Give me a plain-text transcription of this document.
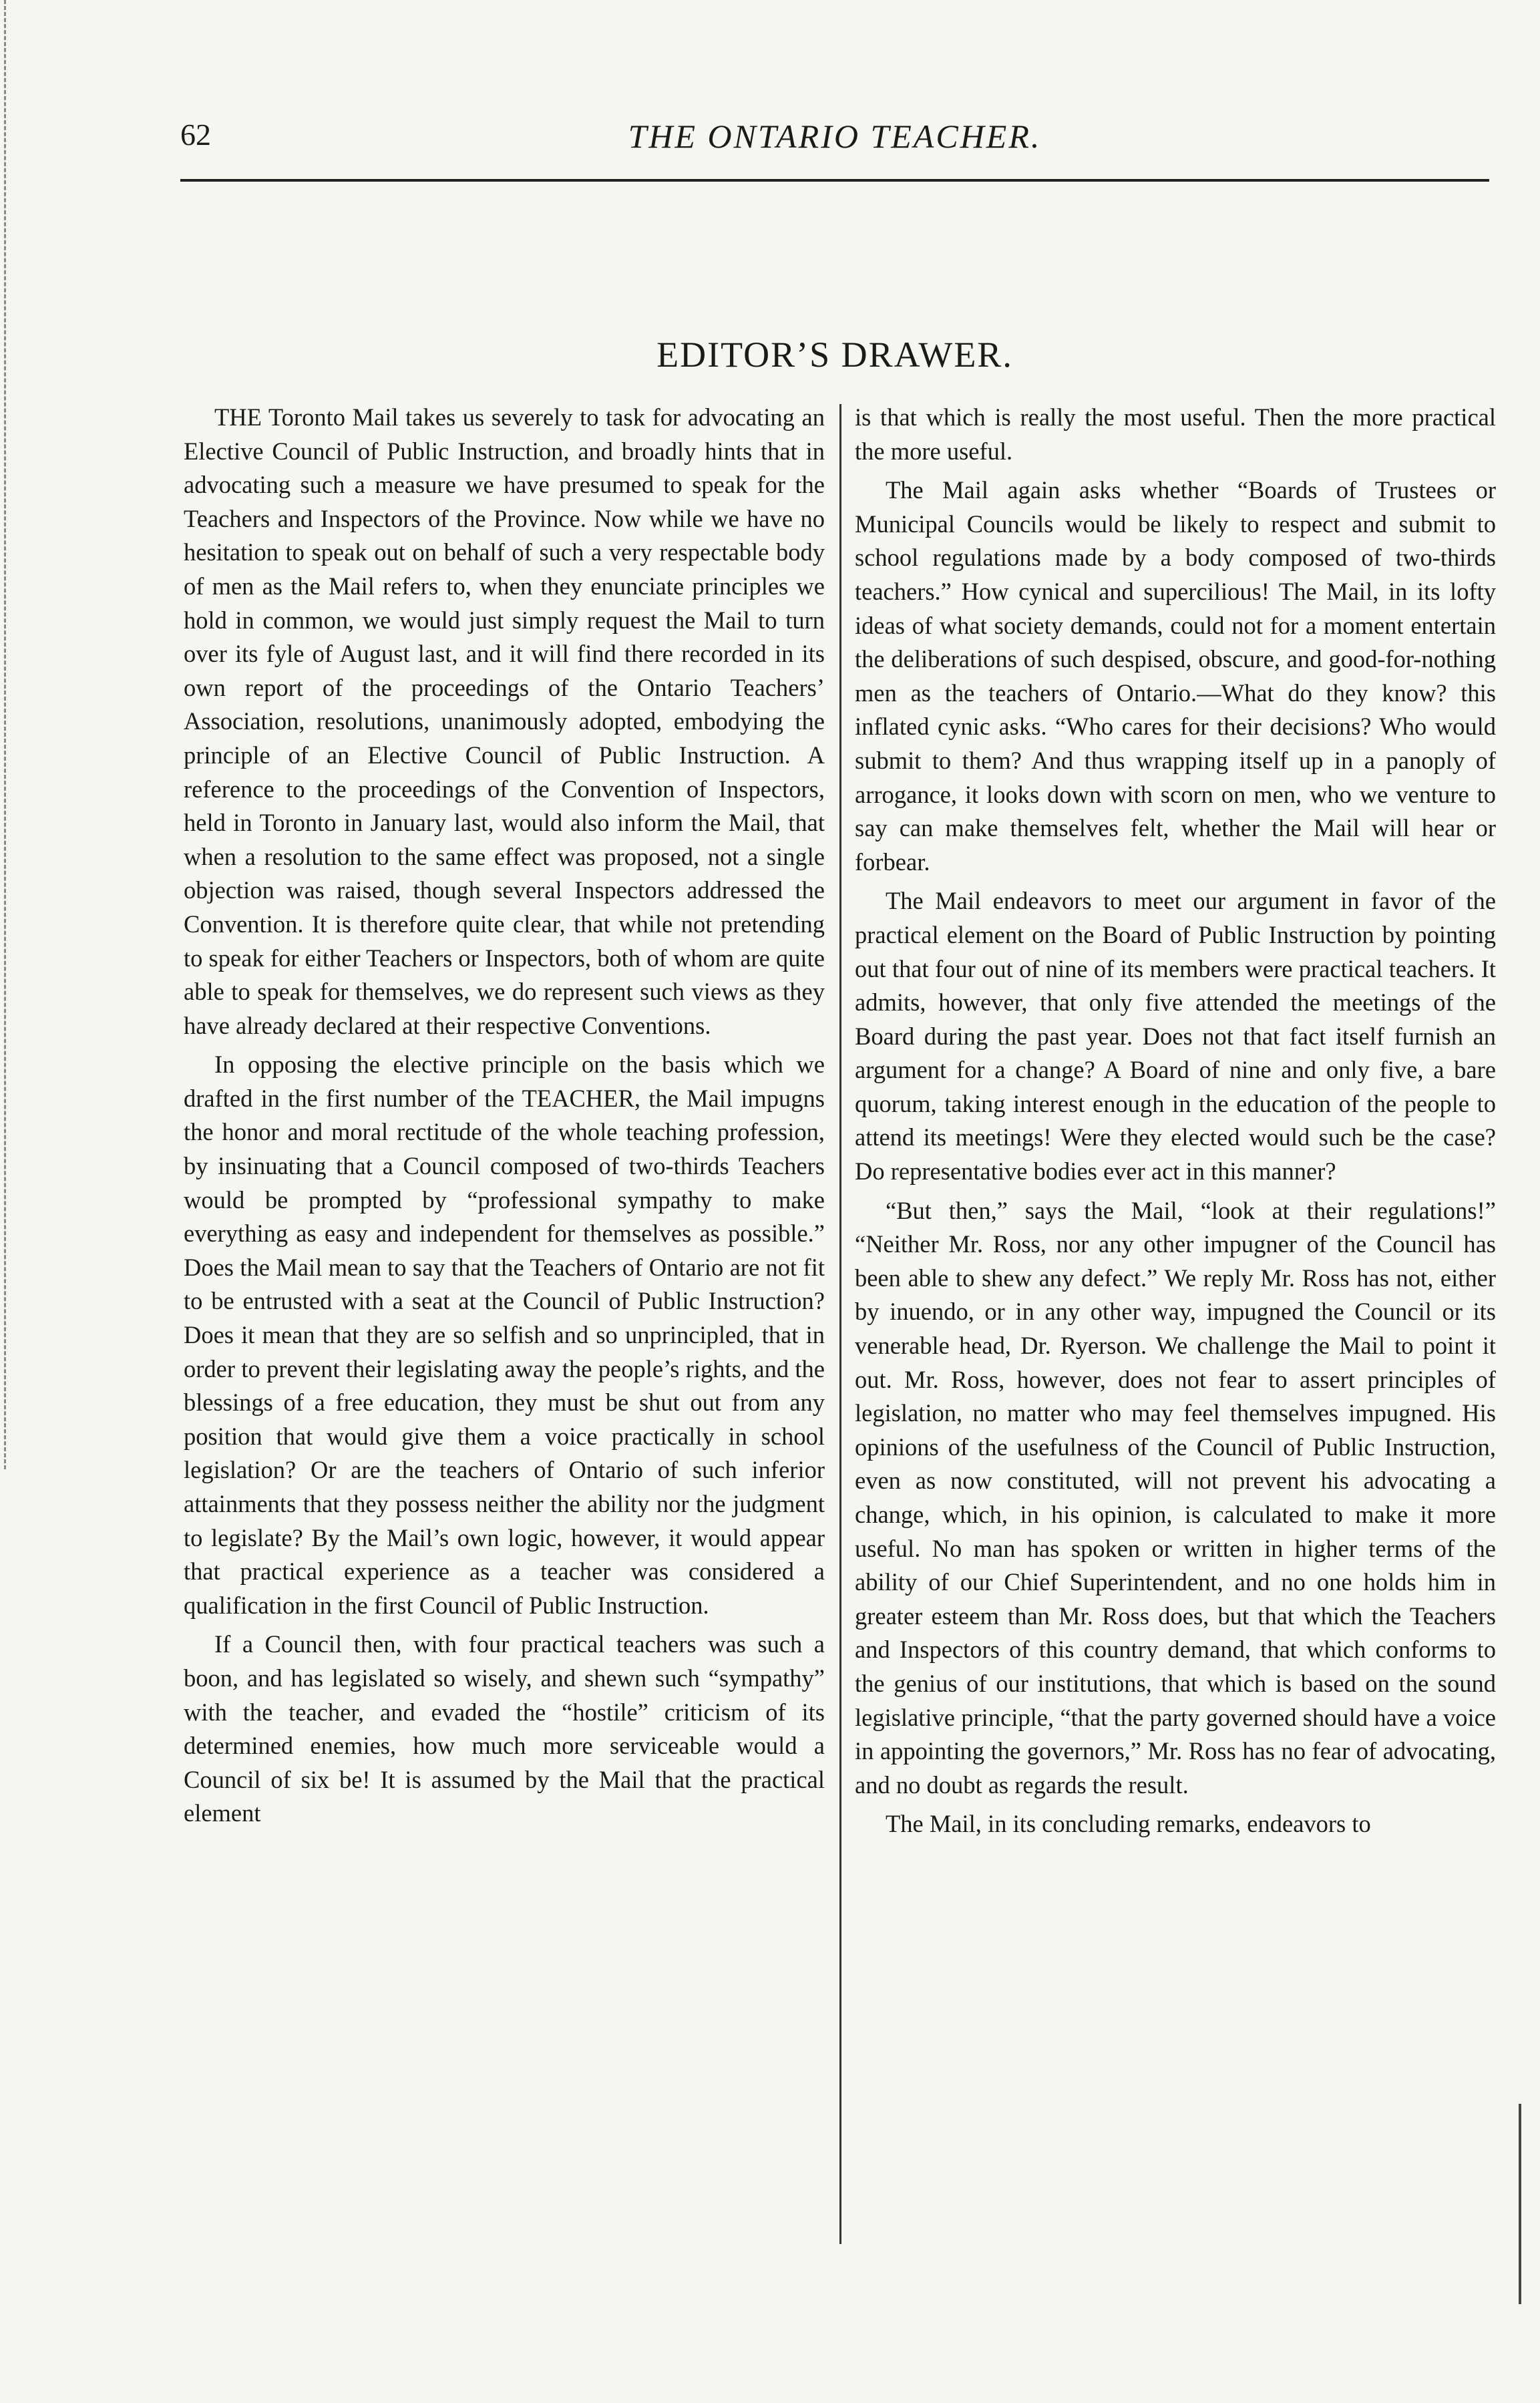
62	THE ONTARIO TEACHER.
EDITOR’S DRAWER.

THE Toronto Mail takes us severely to task for advocating an Elective Council of Public Instruction, and broadly hints that in advocating such a measure we have presumed to speak for the Teachers and Inspectors of the Province. Now while we have no hesitation to speak out on behalf of such a very respectable body of men as the Mail refers to, when they enunciate principles we hold in common, we would just simply request the Mail to turn over its fyle of August last, and it will find there recorded in its own report of the proceedings of the Ontario Teachers’ Association, resolutions, unanimously adopted, embodying the principle of an Elective Council of Public Instruction. A reference to the proceedings of the Convention of Inspectors, held in Toronto in January last, would also inform the Mail, that when a resolution to the same effect was proposed, not a single objection was raised, though several Inspectors addressed the Convention. It is therefore quite clear, that while not pretending to speak for either Teachers or Inspectors, both of whom are quite able to speak for themselves, we do represent such views as they have already declared at their respective Conventions.

In opposing the elective principle on the basis which we drafted in the first number of the TEACHER, the Mail impugns the honor and moral rectitude of the whole teaching profession, by insinuating that a Council composed of two-thirds Teachers would be prompted by “professional sympathy to make everything as easy and independent for themselves as possible.” Does the Mail mean to say that the Teachers of Ontario are not fit to be entrusted with a seat at the Council of Public Instruction? Does it mean that they are so selfish and so unprincipled, that in order to prevent their legislating away the people’s rights, and the blessings of a free education, they must be shut out from any position that would give them a voice practically in school legislation? Or are the teachers of Ontario of such inferior attainments that they possess neither the ability nor the judgment to legislate? By the Mail’s own logic, however, it would appear that practical experience as a teacher was considered a qualification in the first Council of Public Instruction.

If a Council then, with four practical teachers was such a boon, and has legislated so wisely, and shewn such “sympathy” with the teacher, and evaded the “hostile” criticism of its determined enemies, how much more serviceable would a Council of six be! It is assumed by the Mail that the practical element

is that which is really the most useful. Then the more practical the more useful.

The Mail again asks whether “Boards of Trustees or Municipal Councils would be likely to respect and submit to school regulations made by a body composed of two-thirds teachers.” How cynical and supercilious! The Mail, in its lofty ideas of what society demands, could not for a moment entertain the deliberations of such despised, obscure, and good-for-nothing men as the teachers of Ontario.—What do they know? this inflated cynic asks. “Who cares for their decisions? Who would submit to them? And thus wrapping itself up in a panoply of arrogance, it looks down with scorn on men, who we venture to say can make themselves felt, whether the Mail will hear or forbear.

The Mail endeavors to meet our argument in favor of the practical element on the Board of Public Instruction by pointing out that four out of nine of its members were practical teachers. It admits, however, that only five attended the meetings of the Board during the past year. Does not that fact itself furnish an argument for a change? A Board of nine and only five, a bare quorum, taking interest enough in the education of the people to attend its meetings! Were they elected would such be the case? Do representative bodies ever act in this manner?

“But then,” says the Mail, “look at their regulations!” “Neither Mr. Ross, nor any other impugner of the Council has been able to shew any defect.” We reply Mr. Ross has not, either by inuendo, or in any other way, impugned the Council or its venerable head, Dr. Ryerson. We challenge the Mail to point it out. Mr. Ross, however, does not fear to assert principles of legislation, no matter who may feel themselves impugned. His opinions of the usefulness of the Council of Public Instruction, even as now constituted, will not prevent his advocating a change, which, in his opinion, is calculated to make it more useful. No man has spoken or written in higher terms of the ability of our Chief Superintendent, and no one holds him in greater esteem than Mr. Ross does, but that which the Teachers and Inspectors of this country demand, that which conforms to the genius of our institutions, that which is based on the sound legislative principle, “that the party governed should have a voice in appointing the governors,” Mr. Ross has no fear of advocating, and no doubt as regards the result.

The Mail, in its concluding remarks, endeavors to
